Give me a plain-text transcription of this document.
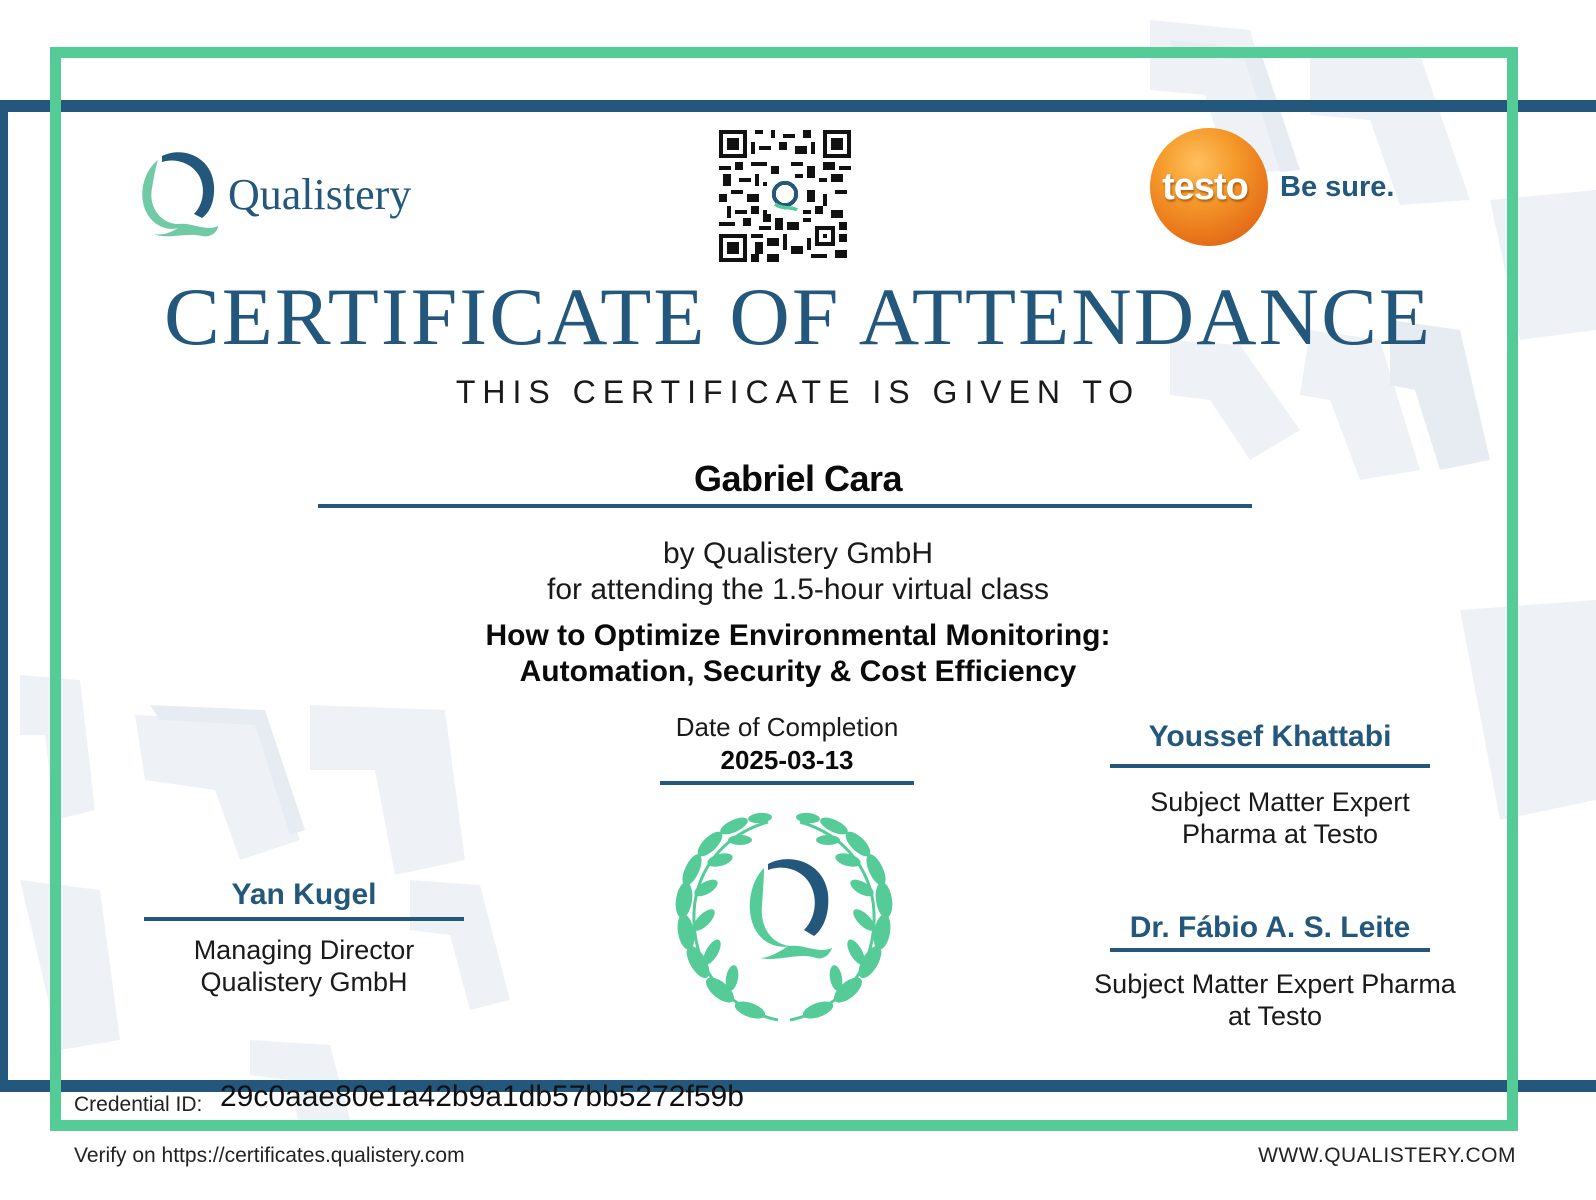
Qualistery	testo Be sure.
CERTIFICATE OF ATTENDANCE
THIS CERTIFICATE IS GIVEN TO
Gabriel Cara
by Qualistery GmbH
for attending the 1.5-hour virtual class
How to Optimize Environmental Monitoring:
Automation, Security & Cost Efficiency
Date of Completion
2025-03-13
Yan Kugel
Managing Director
Qualistery GmbH
Youssef Khattabi
Subject Matter Expert
Pharma at Testo
Dr. Fábio A. S. Leite
Subject Matter Expert Pharma
at Testo
Credential ID: 29c0aae80e1a42b9a1db57bb5272f59b
Verify on https://certificates.qualistery.com	WWW.QUALISTERY.COM
